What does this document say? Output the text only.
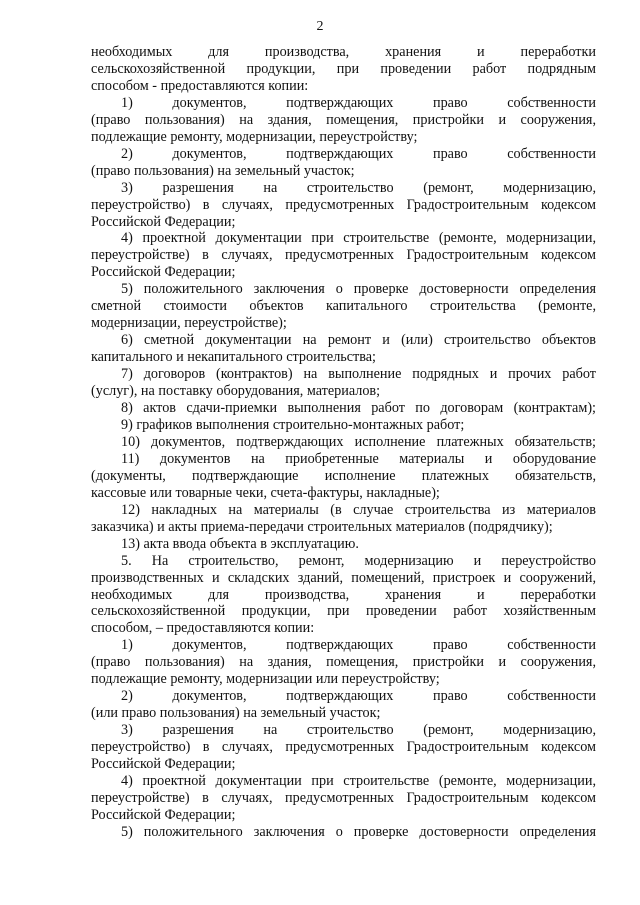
2

необходимых для производства, хранения и переработки

сельскохозяйственной продукции, при проведении работ подрядным

способом - предоставляются копии:

1) документов, подтверждающих право собственности

(право пользования) на здания, помещения, пристройки и сооружения,

подлежащие ремонту, модернизации, переустройству;

2) документов, подтверждающих право собственности

(право пользования) на земельный участок;

3) разрешения на строительство (ремонт, модернизацию,

переустройство) в случаях, предусмотренных Градостроительным кодексом

Российской Федерации;

4) проектной документации при строительстве (ремонте, модернизации,

переустройстве) в случаях, предусмотренных Градостроительным кодексом

Российской Федерации;

5) положительного заключения о проверке достоверности определения

сметной стоимости объектов капитального строительства (ремонте,

модернизации, переустройстве);

6) сметной документации на ремонт и (или) строительство объектов

капитального и некапитального строительства;

7) договоров (контрактов) на выполнение подрядных и прочих работ

(услуг), на поставку оборудования, материалов;

8) актов сдачи-приемки выполнения работ по договорам (контрактам);

9) графиков выполнения строительно-монтажных работ;

10) документов, подтверждающих исполнение платежных обязательств;

11) документов на приобретенные материалы и оборудование

(документы, подтверждающие исполнение платежных обязательств,

кассовые или товарные чеки, счета-фактуры, накладные);

12) накладных на материалы (в случае строительства из материалов

заказчика) и акты приема-передачи строительных материалов (подрядчику);

13) акта ввода объекта в эксплуатацию.

5. На строительство, ремонт, модернизацию и переустройство

производственных и складских зданий, помещений, пристроек и сооружений,

необходимых для производства, хранения и переработки

сельскохозяйственной продукции, при проведении работ хозяйственным

способом, – предоставляются копии:

1) документов, подтверждающих право собственности

(право пользования) на здания, помещения, пристройки и сооружения,

подлежащие ремонту, модернизации или переустройству;

2) документов, подтверждающих право собственности

(или право пользования) на земельный участок;

3) разрешения на строительство (ремонт, модернизацию,

переустройство) в случаях, предусмотренных Градостроительным кодексом

Российской Федерации;

4) проектной документации при строительстве (ремонте, модернизации,

переустройстве) в случаях, предусмотренных Градостроительным кодексом

Российской Федерации;

5) положительного заключения о проверке достоверности определения
